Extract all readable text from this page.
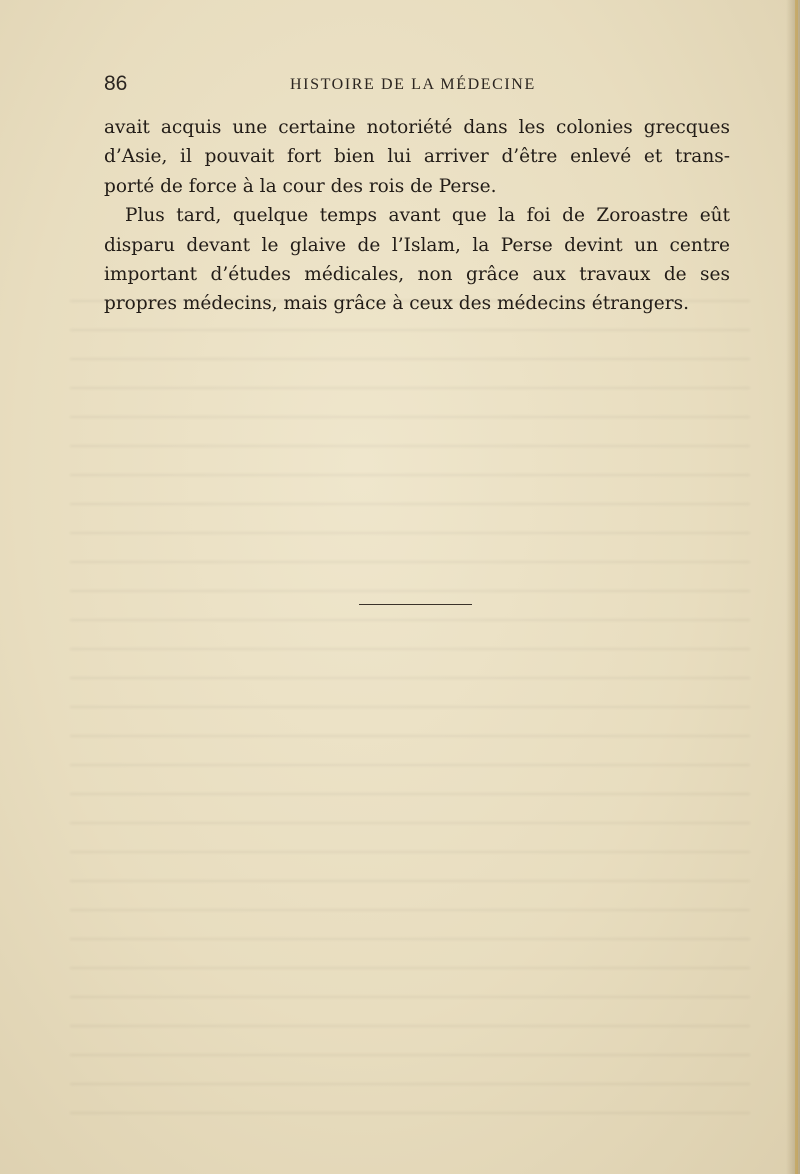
86	HISTOIRE DE LA MÉDECINE

avait acquis une certaine notoriété dans les colonies grecques
d’Asie, il pouvait fort bien lui arriver d’être enlevé et trans-
porté de force à la cour des rois de Perse.

Plus tard, quelque temps avant que la foi de Zoroastre eût
disparu devant le glaive de l’Islam, la Perse devint un centre
important d’études médicales, non grâce aux travaux de ses
propres médecins, mais grâce à ceux des médecins étrangers.
